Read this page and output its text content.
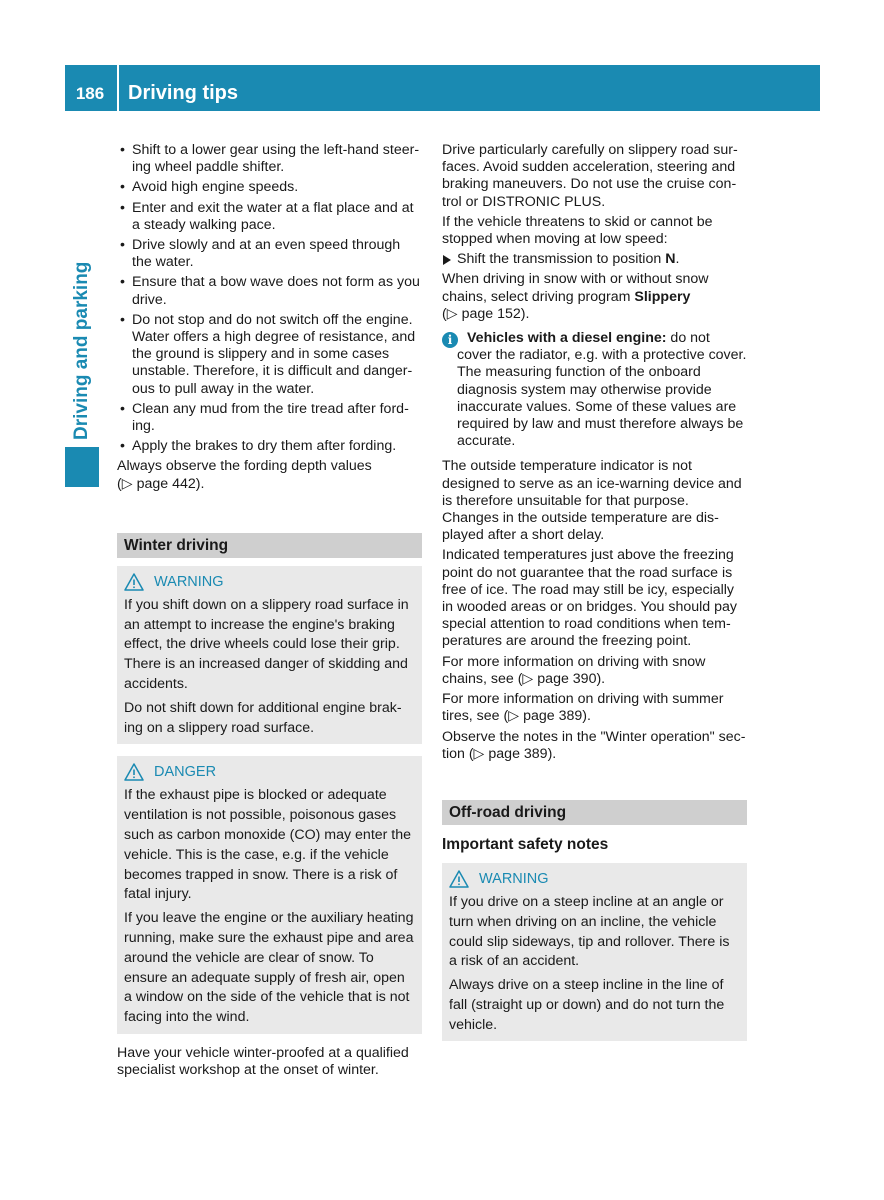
186	Driving tips
Driving and parking
• Shift to a lower gear using the left-hand steering wheel paddle shifter.
• Avoid high engine speeds.
• Enter and exit the water at a flat place and at a steady walking pace.
• Drive slowly and at an even speed through the water.
• Ensure that a bow wave does not form as you drive.
• Do not stop and do not switch off the engine. Water offers a high degree of resistance, and the ground is slippery and in some cases unstable. Therefore, it is difficult and dangerous to pull away in the water.
• Clean any mud from the tire tread after fording.
• Apply the brakes to dry them after fording.

Always observe the fording depth values (▷ page 442).

Winter driving
WARNING

If you shift down on a slippery road surface in an attempt to increase the engine's braking effect, the drive wheels could lose their grip. There is an increased danger of skidding and accidents.

Do not shift down for additional engine braking on a slippery road surface.

DANGER

If the exhaust pipe is blocked or adequate ventilation is not possible, poisonous gases such as carbon monoxide (CO) may enter the vehicle. This is the case, e.g. if the vehicle becomes trapped in snow. There is a risk of fatal injury.

If you leave the engine or the auxiliary heating running, make sure the exhaust pipe and area around the vehicle are clear of snow. To ensure an adequate supply of fresh air, open a window on the side of the vehicle that is not facing into the wind.

Have your vehicle winter-proofed at a qualified specialist workshop at the onset of winter.

Drive particularly carefully on slippery road surfaces. Avoid sudden acceleration, steering and braking maneuvers. Do not use the cruise control or DISTRONIC PLUS.

If the vehicle threatens to skid or cannot be stopped when moving at low speed:

Shift the transmission to position N.

When driving in snow with or without snow chains, select driving program Slippery
(▷ page 152).

i	Vehicles with a diesel engine: do not cover the radiator, e.g. with a protective cover. The measuring function of the onboard diagnosis system may otherwise provide inaccurate values. Some of these values are required by law and must therefore always be accurate.

The outside temperature indicator is not designed to serve as an ice-warning device and is therefore unsuitable for that purpose. Changes in the outside temperature are displayed after a short delay.

Indicated temperatures just above the freezing point do not guarantee that the road surface is free of ice. The road may still be icy, especially in wooded areas or on bridges. You should pay special attention to road conditions when temperatures are around the freezing point.

For more information on driving with snow chains, see (▷ page 390).

For more information on driving with summer tires, see (▷ page 389).

Observe the notes in the "Winter operation" section (▷ page 389).

Off-road driving
Important safety notes
WARNING

If you drive on a steep incline at an angle or turn when driving on an incline, the vehicle could slip sideways, tip and rollover. There is a risk of an accident.

Always drive on a steep incline in the line of fall (straight up or down) and do not turn the vehicle.
